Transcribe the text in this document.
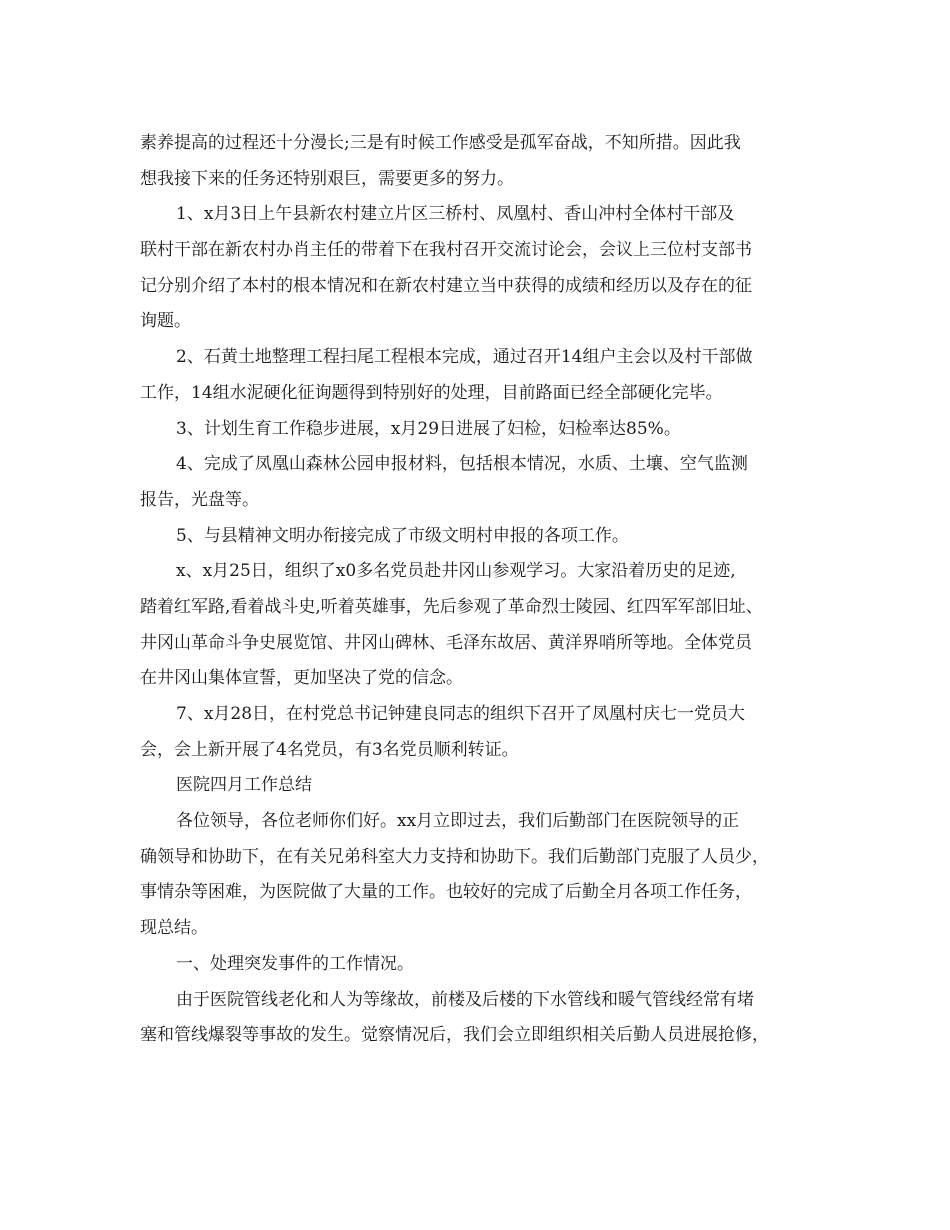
素养提高的过程还十分漫长;三是有时候工作感受是孤军奋战，不知所措。因此我
想我接下来的任务还特别艰巨，需要更多的努力。
1、x月3日上午县新农村建立片区三桥村、凤凰村、香山冲村全体村干部及
联村干部在新农村办肖主任的带着下在我村召开交流讨论会，会议上三位村支部书
记分别介绍了本村的根本情况和在新农村建立当中获得的成绩和经历以及存在的征
询题。
2、石黄土地整理工程扫尾工程根本完成，通过召开14组户主会以及村干部做
工作，14组水泥硬化征询题得到特别好的处理，目前路面已经全部硬化完毕。
3、计划生育工作稳步进展，x月29日进展了妇检，妇检率达85%。
4、完成了凤凰山森林公园申报材料，包括根本情况，水质、土壤、空气监测
报告，光盘等。
5、与县精神文明办衔接完成了市级文明村申报的各项工作。
x、x月25日，组织了x0多名党员赴井冈山参观学习。大家沿着历史的足迹,
踏着红军路,看着战斗史,听着英雄事，先后参观了革命烈士陵园、红四军军部旧址、
井冈山革命斗争史展览馆、井冈山碑林、毛泽东故居、黄洋界哨所等地。全体党员
在井冈山集体宣誓，更加坚决了党的信念。
7、x月28日，在村党总书记钟建良同志的组织下召开了凤凰村庆七一党员大
会，会上新开展了4名党员，有3名党员顺利转证。
医院四月工作总结
各位领导，各位老师你们好。xx月立即过去，我们后勤部门在医院领导的正
确领导和协助下，在有关兄弟科室大力支持和协助下。我们后勤部门克服了人员少，
事情杂等困难，为医院做了大量的工作。也较好的完成了后勤全月各项工作任务，
现总结。
一、处理突发事件的工作情况。
由于医院管线老化和人为等缘故，前楼及后楼的下水管线和暖气管线经常有堵
塞和管线爆裂等事故的发生。觉察情况后，我们会立即组织相关后勤人员进展抢修，
